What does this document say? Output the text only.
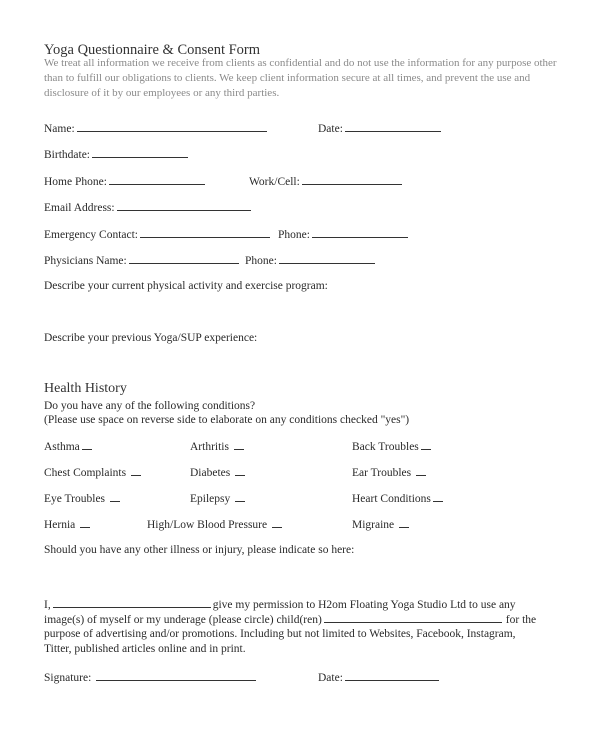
Yoga Questionnaire & Consent Form
We treat all information we receive from clients as confidential and do not use the information for any purpose other than to fulfill our obligations to clients. We keep client information secure at all times, and prevent the use and disclosure of it by our employees or any third parties.
Name:	Date:
Birthdate:
Home Phone:	Work/Cell:
Email Address:
Emergency Contact:	Phone:
Physicians Name:	Phone:
Describe your current physical activity and exercise program:
Describe your previous Yoga/SUP experience:
Health History
Do you have any of the following conditions?
(Please use space on reverse side to elaborate on any conditions checked "yes")
Asthma	Arthritis	Back Troubles
Chest Complaints	Diabetes	Ear Troubles
Eye Troubles	Epilepsy	Heart Conditions
Hernia	High/Low Blood Pressure	Migraine
Should you have any other illness or injury, please indicate so here:
I,	give my permission to H2om Floating Yoga Studio Ltd to use any
image(s) of myself or my underage (please circle) child(ren)	for the
purpose of advertising and/or promotions. Including but not limited to Websites, Facebook, Instagram,
Titter, published articles online and in print.
Signature:	Date:
